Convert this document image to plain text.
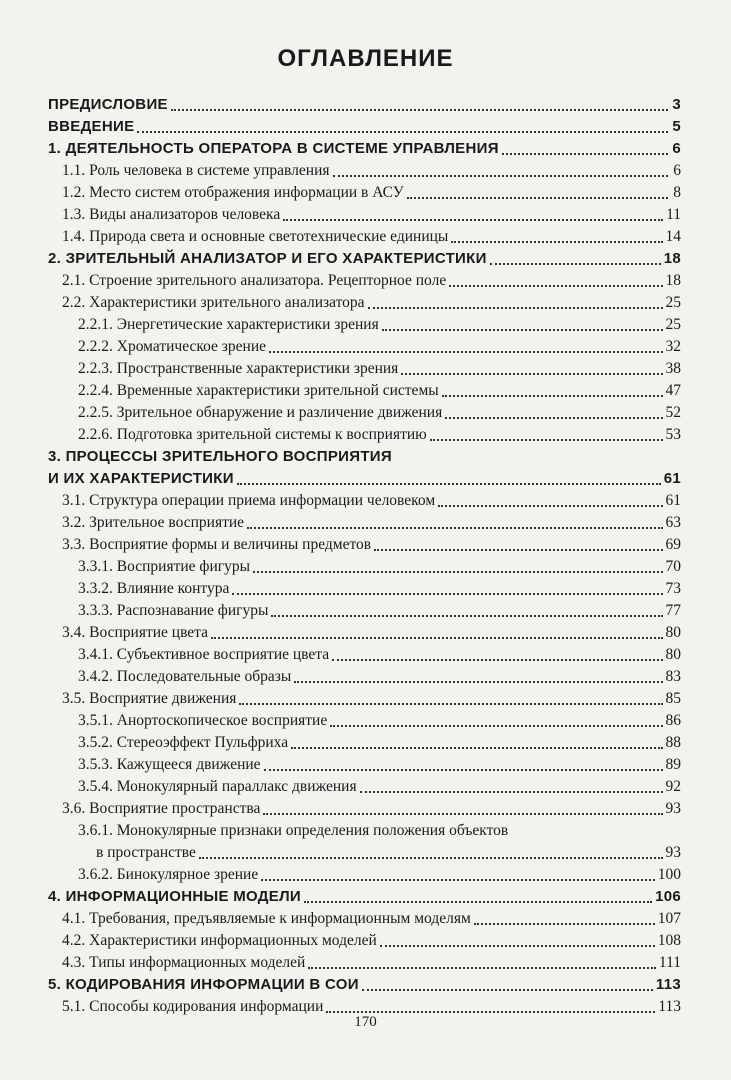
ОГЛАВЛЕНИЕ
ПРЕДИСЛОВИЕ	3
ВВЕДЕНИЕ	5
1. ДЕЯТЕЛЬНОСТЬ ОПЕРАТОРА В СИСТЕМЕ УПРАВЛЕНИЯ	6
1.1. Роль человека в системе управления	6
1.2. Место систем отображения информации в АСУ	8
1.3. Виды анализаторов человека	11
1.4. Природа света и основные светотехнические единицы	14
2. ЗРИТЕЛЬНЫЙ АНАЛИЗАТОР И ЕГО ХАРАКТЕРИСТИКИ	18
2.1. Строение зрительного анализатора. Рецепторное поле	18
2.2. Характеристики зрительного анализатора	25
2.2.1. Энергетические характеристики зрения	25
2.2.2. Хроматическое зрение	32
2.2.3. Пространственные характеристики зрения	38
2.2.4. Временные характеристики зрительной системы	47
2.2.5. Зрительное обнаружение и различение движения	52
2.2.6. Подготовка зрительной системы к восприятию	53
3. ПРОЦЕССЫ ЗРИТЕЛЬНОГО ВОСПРИЯТИЯ
И ИХ ХАРАКТЕРИСТИКИ	61
3.1. Структура операции приема информации человеком	61
3.2. Зрительное восприятие	63
3.3. Восприятие формы и величины предметов	69
3.3.1. Восприятие фигуры	70
3.3.2. Влияние контура	73
3.3.3. Распознавание фигуры	77
3.4. Восприятие цвета	80
3.4.1. Субъективное восприятие цвета	80
3.4.2. Последовательные образы	83
3.5. Восприятие движения	85
3.5.1. Анортоскопическое восприятие	86
3.5.2. Стереоэффект Пульфриха	88
3.5.3. Кажущееся движение	89
3.5.4. Монокулярный параллакс движения	92
3.6. Восприятие пространства	93
3.6.1. Монокулярные признаки определения положения объектов
в пространстве	93
3.6.2. Бинокулярное зрение	100
4. ИНФОРМАЦИОННЫЕ МОДЕЛИ	106
4.1. Требования, предъявляемые к информационным моделям	107
4.2. Характеристики информационных моделей	108
4.3. Типы информационных моделей	111
5. КОДИРОВАНИЯ ИНФОРМАЦИИ В СОИ	113
5.1. Способы кодирования информации	113
170
